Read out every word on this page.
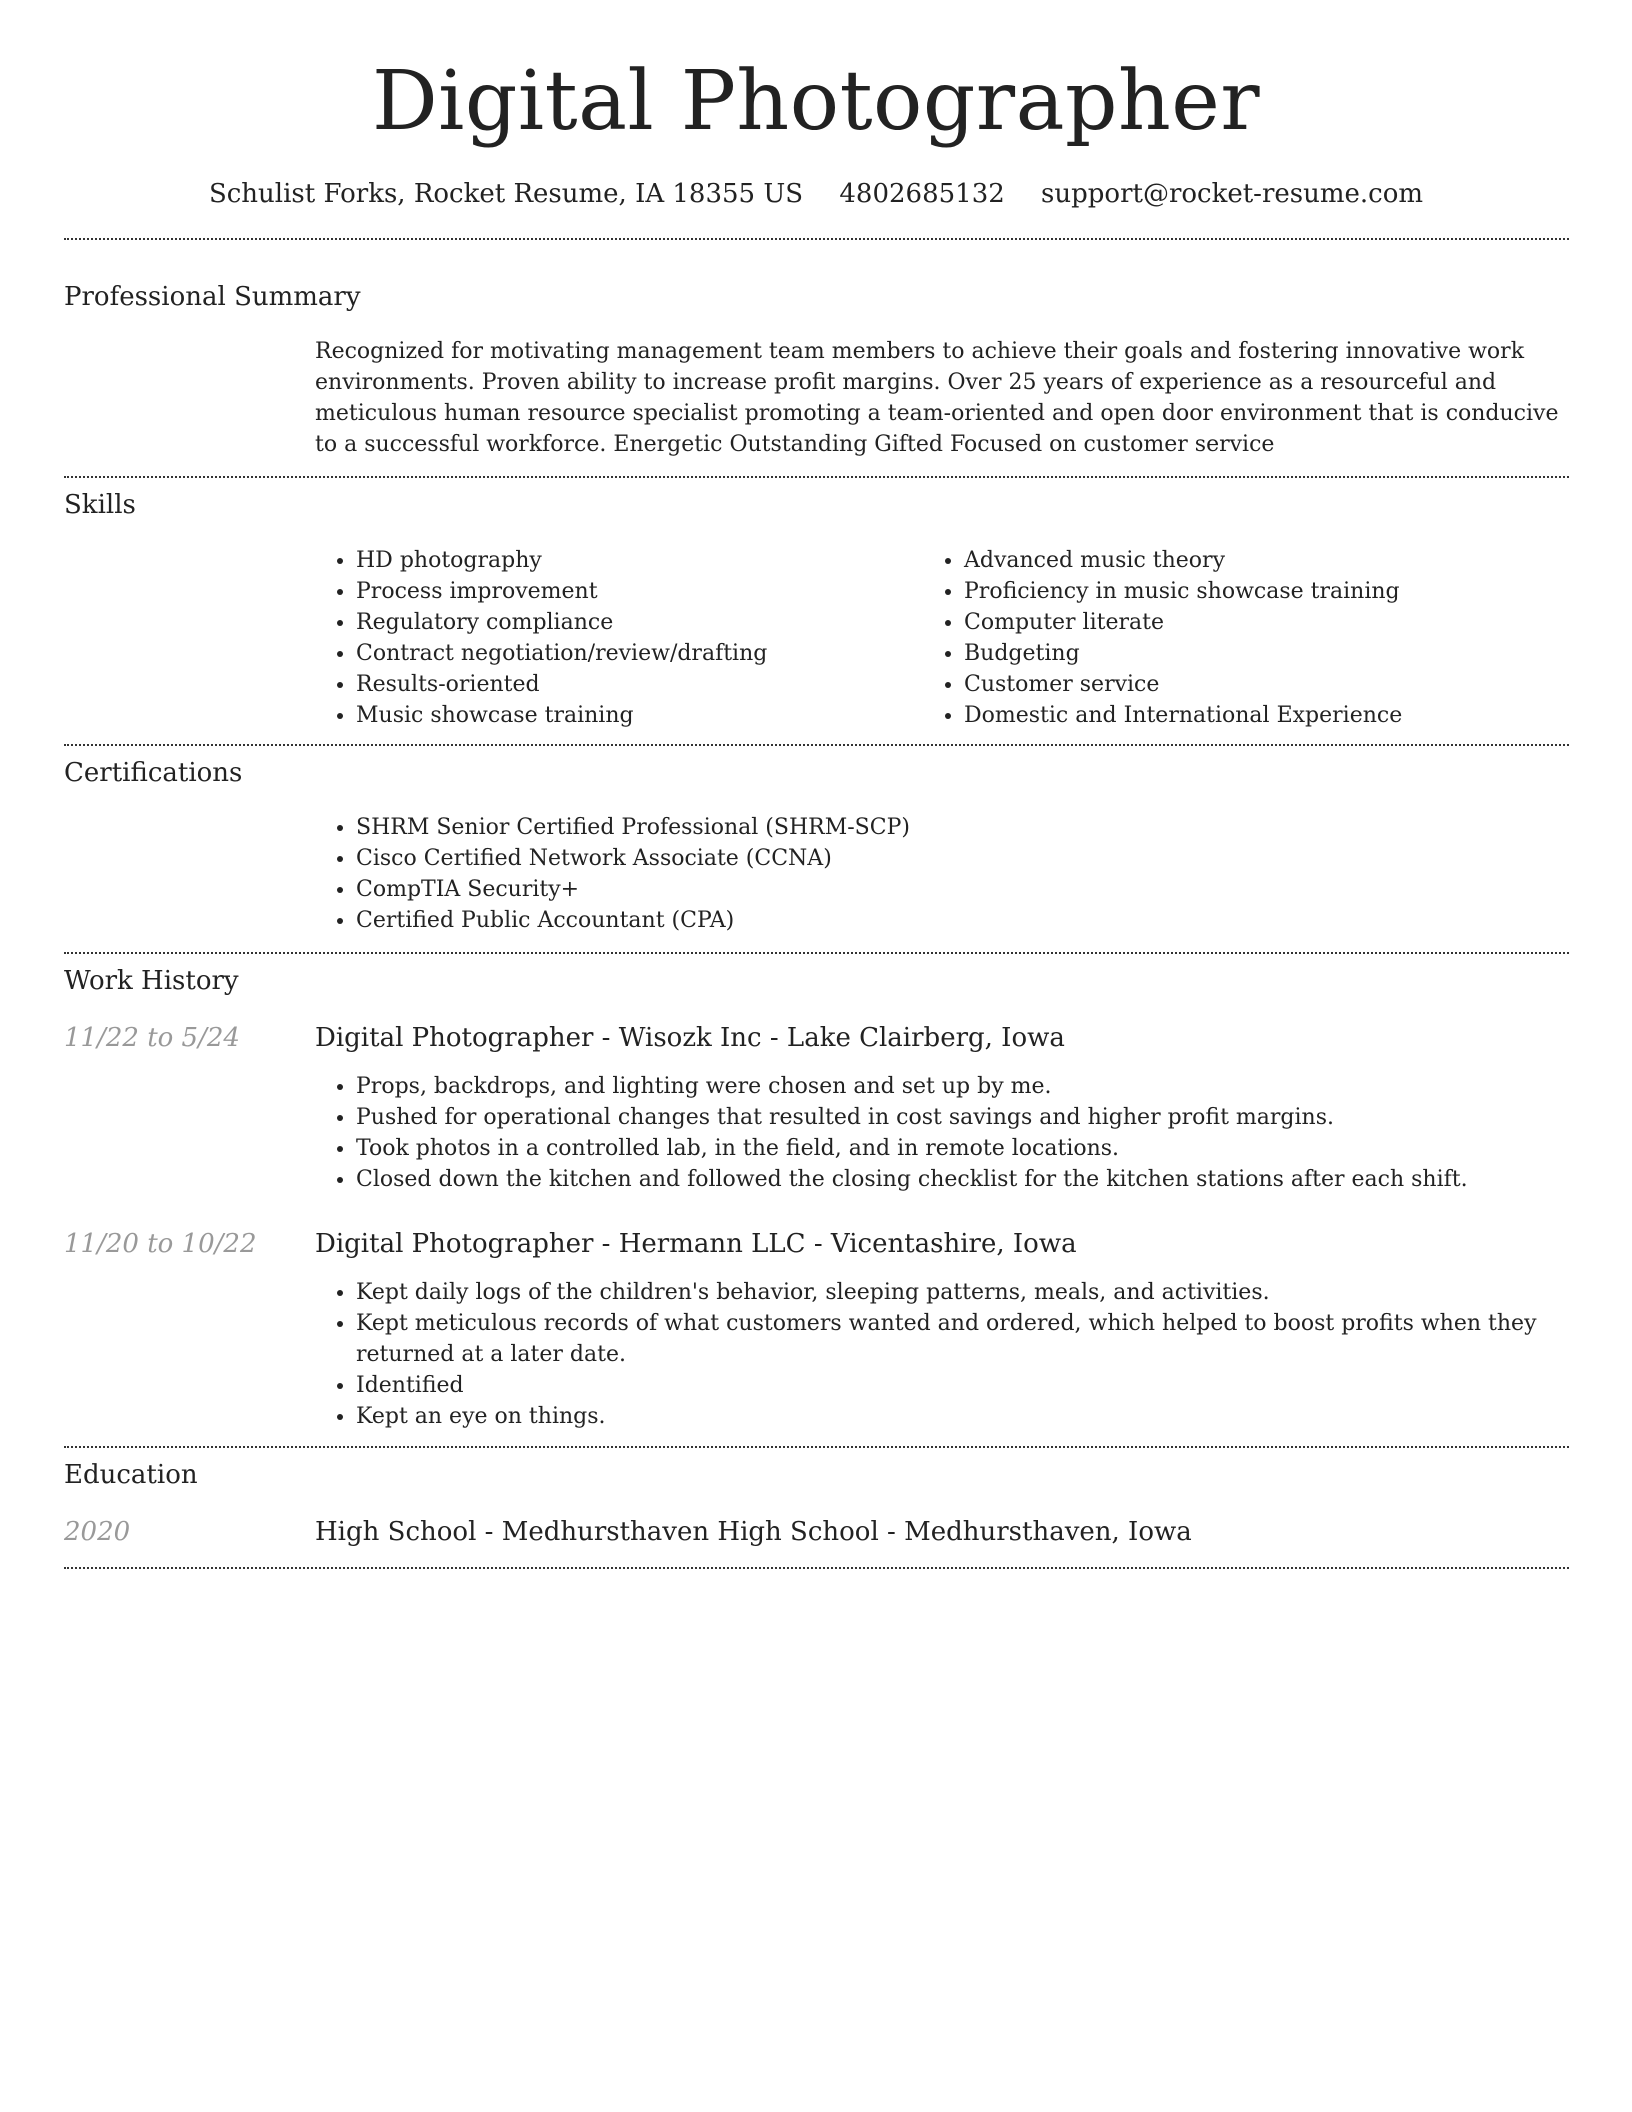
Digital Photographer
Schulist Forks, Rocket Resume, IA 18355 US 4802685132 support@rocket-resume.com
Professional Summary
Recognized for motivating management team members to achieve their goals and fostering innovative work environments. Proven ability to increase profit margins. Over 25 years of experience as a resourceful and meticulous human resource specialist promoting a team-oriented and open door environment that is conducive to a successful workforce. Energetic Outstanding Gifted Focused on customer service
Skills
• HD photography
• Process improvement
• Regulatory compliance
• Contract negotiation/review/drafting
• Results-oriented
• Music showcase training
• Advanced music theory
• Proficiency in music showcase training
• Computer literate
• Budgeting
• Customer service
• Domestic and International Experience
Certifications
• SHRM Senior Certified Professional (SHRM-SCP)
• Cisco Certified Network Associate (CCNA)
• CompTIA Security+
• Certified Public Accountant (CPA)
Work History
11/22 to 5/24	Digital Photographer - Wisozk Inc - Lake Clairberg, Iowa
• Props, backdrops, and lighting were chosen and set up by me.
• Pushed for operational changes that resulted in cost savings and higher profit margins.
• Took photos in a controlled lab, in the field, and in remote locations.
• Closed down the kitchen and followed the closing checklist for the kitchen stations after each shift.
11/20 to 10/22 Digital Photographer - Hermann LLC - Vicentashire, Iowa
• Kept daily logs of the children's behavior, sleeping patterns, meals, and activities.
• Kept meticulous records of what customers wanted and ordered, which helped to boost profits when they returned at a later date.
• Identified
• Kept an eye on things.
Education
2020	High School - Medhursthaven High School - Medhursthaven, Iowa
